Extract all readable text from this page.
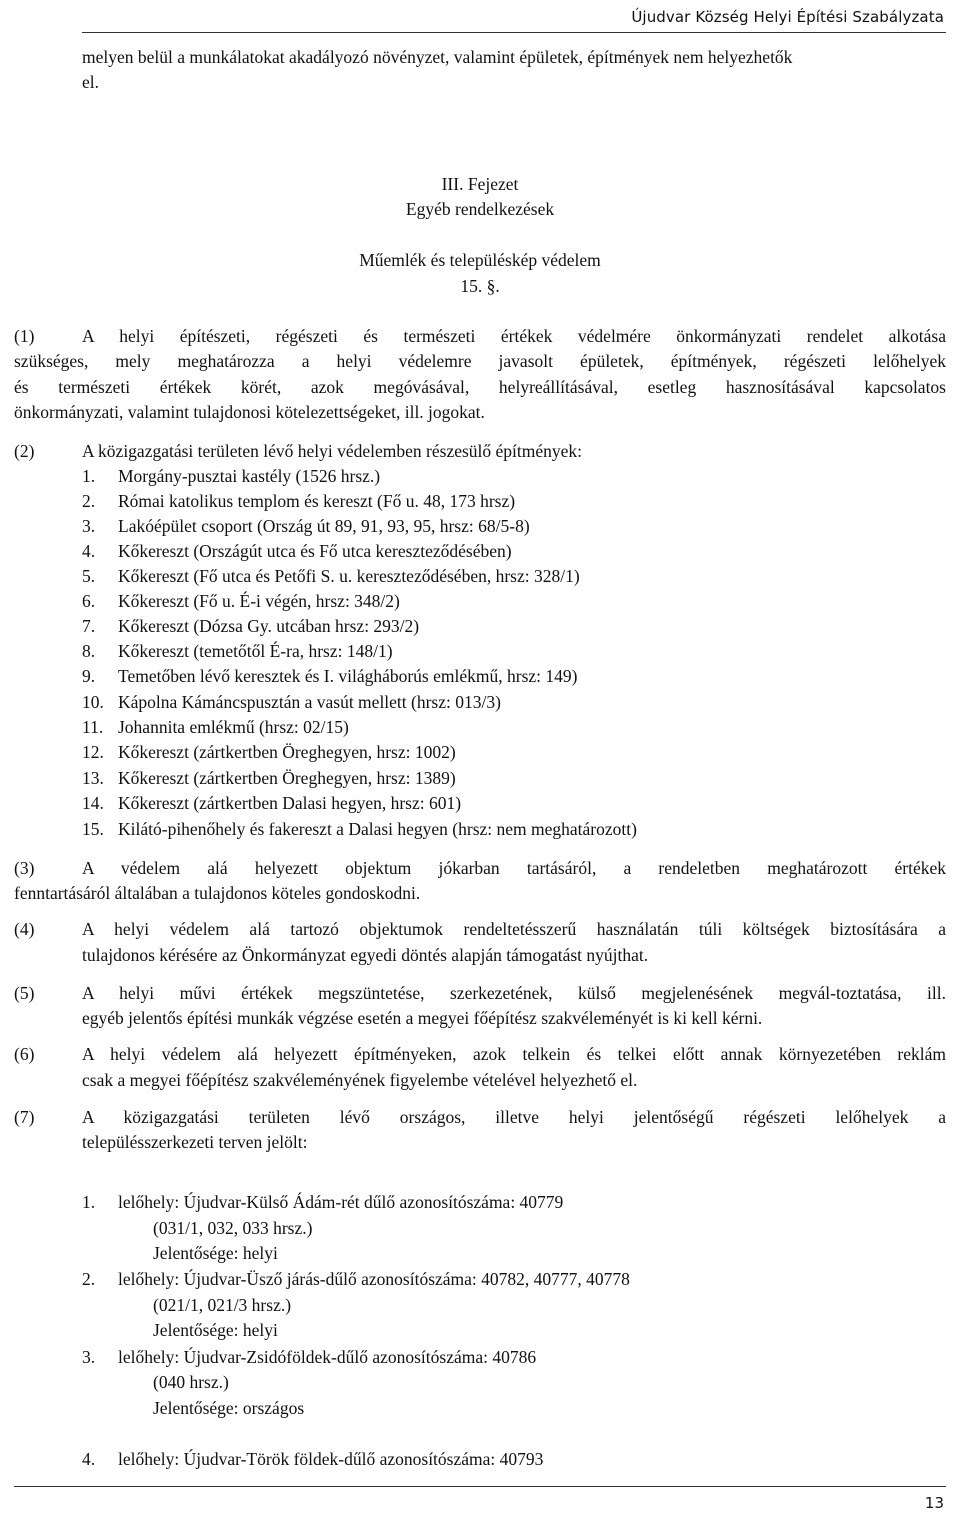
Újudvar Község Helyi Építési Szabályzata
melyen belül a munkálatokat akadályozó növényzet, valamint épületek, építmények nem helyezhetők
el.
III. Fejezet
Egyéb rendelkezések
Műemlék és településkép védelem
15. §.
(1)	A helyi építészeti, régészeti és természeti értékek védelmére önkormányzati rendelet alkotása
szükséges, mely meghatározza a helyi védelemre javasolt épületek, építmények, régészeti lelőhelyek
és természeti értékek körét, azok megóvásával, helyreállításával, esetleg hasznosításával kapcsolatos
önkormányzati, valamint tulajdonosi kötelezettségeket, ill. jogokat.
(2)	A közigazgatási területen lévő helyi védelemben részesülő építmények:
1. Morgány-pusztai kastély (1526 hrsz.)
2. Római katolikus templom és kereszt (Fő u. 48, 173 hrsz)
3. Lakóépület csoport (Ország út 89, 91, 93, 95, hrsz: 68/5-8)
4. Kőkereszt (Országút utca és Fő utca kereszteződésében)
5. Kőkereszt (Fő utca és Petőfi S. u. kereszteződésében, hrsz: 328/1)
6. Kőkereszt (Fő u. É-i végén, hrsz: 348/2)
7. Kőkereszt (Dózsa Gy. utcában hrsz: 293/2)
8. Kőkereszt (temetőtől É-ra, hrsz: 148/1)
9. Temetőben lévő keresztek és I. világháborús emlékmű, hrsz: 149)
10. Kápolna Kámáncspusztán a vasút mellett (hrsz: 013/3)
11. Johannita emlékmű (hrsz: 02/15)
12. Kőkereszt (zártkertben Öreghegyen, hrsz: 1002)
13. Kőkereszt (zártkertben Öreghegyen, hrsz: 1389)
14. Kőkereszt (zártkertben Dalasi hegyen, hrsz: 601)
15. Kilátó-pihenőhely és fakereszt a Dalasi hegyen (hrsz: nem meghatározott)
(3)	A védelem alá helyezett objektum jókarban tartásáról, a rendeletben meghatározott értékek
fenntartásáról általában a tulajdonos köteles gondoskodni.
(4)	A helyi védelem alá tartozó objektumok rendeltetésszerű használatán túli költségek biztosítására a
tulajdonos kérésére az Önkormányzat egyedi döntés alapján támogatást nyújthat.
(5)	A helyi művi értékek megszüntetése, szerkezetének, külső megjelenésének megvál-toztatása, ill.
egyéb jelentős építési munkák végzése esetén a megyei főépítész szakvéleményét is ki kell kérni.
(6)	A helyi védelem alá helyezett építményeken, azok telkein és telkei előtt annak környezetében reklám
csak a megyei főépítész szakvéleményének figyelembe vételével helyezhető el.
(7)	A közigazgatási területen lévő országos, illetve helyi jelentőségű régészeti lelőhelyek a
településszerkezeti terven jelölt:
1. lelőhely: Újudvar-Külső Ádám-rét dűlő azonosítószáma: 40779
(031/1, 032, 033 hrsz.)
Jelentősége: helyi
2. lelőhely: Újudvar-Üsző járás-dűlő azonosítószáma: 40782, 40777, 40778
(021/1, 021/3 hrsz.)
Jelentősége: helyi
3. lelőhely: Újudvar-Zsidóföldek-dűlő azonosítószáma: 40786
(040 hrsz.)
Jelentősége: országos
4. lelőhely: Újudvar-Török földek-dűlő azonosítószáma: 40793
13
